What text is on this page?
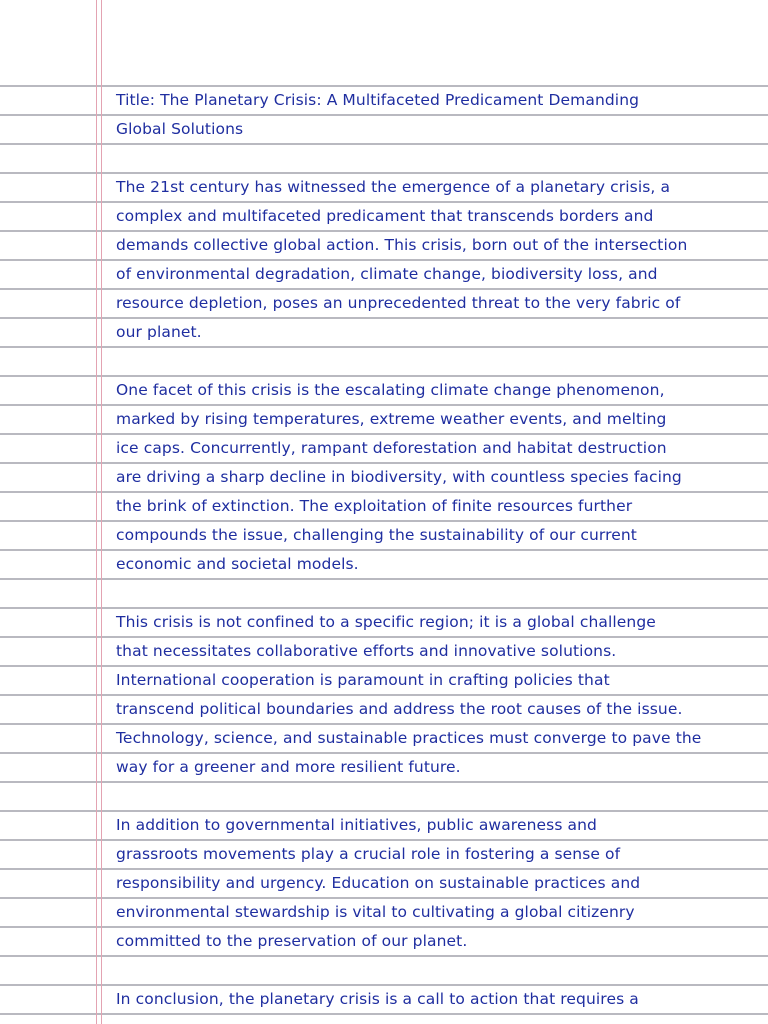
Title: The Planetary Crisis: A Multifaceted Predicament Demanding
Global Solutions
The 21st century has witnessed the emergence of a planetary crisis, a
complex and multifaceted predicament that transcends borders and
demands collective global action. This crisis, born out of the intersection
of environmental degradation, climate change, biodiversity loss, and
resource depletion, poses an unprecedented threat to the very fabric of
our planet.
One facet of this crisis is the escalating climate change phenomenon,
marked by rising temperatures, extreme weather events, and melting
ice caps. Concurrently, rampant deforestation and habitat destruction
are driving a sharp decline in biodiversity, with countless species facing
the brink of extinction. The exploitation of finite resources further
compounds the issue, challenging the sustainability of our current
economic and societal models.
This crisis is not confined to a specific region; it is a global challenge
that necessitates collaborative efforts and innovative solutions.
International cooperation is paramount in crafting policies that
transcend political boundaries and address the root causes of the issue.
Technology, science, and sustainable practices must converge to pave the
way for a greener and more resilient future.
In addition to governmental initiatives, public awareness and
grassroots movements play a crucial role in fostering a sense of
responsibility and urgency. Education on sustainable practices and
environmental stewardship is vital to cultivating a global citizenry
committed to the preservation of our planet.
In conclusion, the planetary crisis is a call to action that requires a
